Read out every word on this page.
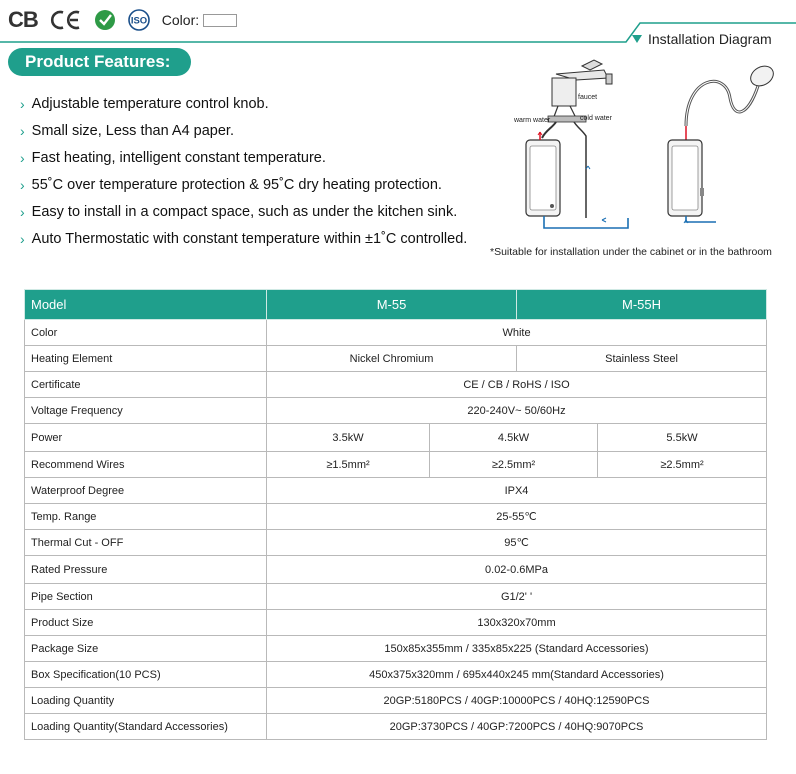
CB	ISO Color:
Product Features:
Installation Diagram
› Adjustable temperature control knob.
› Small size, Less than A4 paper.
› Fast heating, intelligent constant temperature.
› 55˚C over temperature protection & 95˚C dry heating protection.
› Easy to install in a compact space, such as under the kitchen sink.
› Auto Thermostatic with constant temperature within ±1˚C controlled.
faucet
warm water	cold water
*Suitable for installation under the cabinet or in the bathroom
Model	M-55		M-55H	
Color	White			
Heating Element	Nickel Chromium		Stainless Steel	
Certificate	CE / CB / RoHS / ISO			
Voltage Frequency	220-240V~ 50/60Hz			
Power	3.5kW	4.5kW		5.5kW
Recommend Wires	≥1.5mm²	≥2.5mm²		≥2.5mm²
Waterproof Degree	IPX4			
Temp. Range	25-55℃			
Thermal Cut - OFF	95℃			
Rated Pressure	0.02-0.6MPa			
Pipe Section	G1/2' '			
Product Size	130x320x70mm			
Package Size	150x85x355mm / 335x85x225 (Standard Accessories)			
Box Specification(10 PCS)	450x375x320mm / 695x440x245 mm(Standard Accessories)			
Loading Quantity	20GP:5180PCS / 40GP:10000PCS / 40HQ:12590PCS			
Loading Quantity(Standard Accessories)	20GP:3730PCS / 40GP:7200PCS / 40HQ:9070PCS			
